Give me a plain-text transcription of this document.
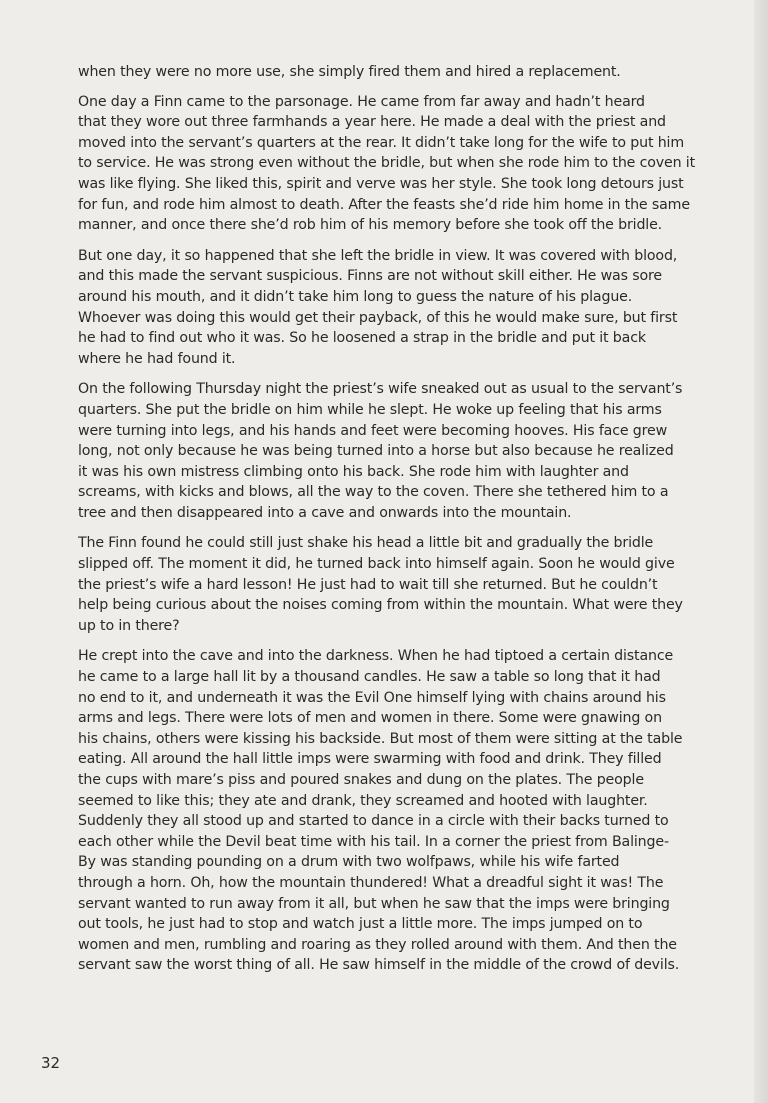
when they were no more use, she simply fired them and hired a replacement.

One day a Finn came to the parsonage. He came from far away and hadn’t heard
that they wore out three farmhands a year here. He made a deal with the priest and
moved into the servant’s quarters at the rear. It didn’t take long for the wife to put him
to service. He was strong even without the bridle, but when she rode him to the coven it
was like flying. She liked this, spirit and verve was her style. She took long detours just
for fun, and rode him almost to death. After the feasts she’d ride him home in the same
manner, and once there she’d rob him of his memory before she took off the bridle.

But one day, it so happened that she left the bridle in view. It was covered with blood,
and this made the servant suspicious. Finns are not without skill either. He was sore
around his mouth, and it didn’t take him long to guess the nature of his plague.
Whoever was doing this would get their payback, of this he would make sure, but first
he had to find out who it was. So he loosened a strap in the bridle and put it back
where he had found it.

On the following Thursday night the priest’s wife sneaked out as usual to the servant’s
quarters. She put the bridle on him while he slept. He woke up feeling that his arms
were turning into legs, and his hands and feet were becoming hooves. His face grew
long, not only because he was being turned into a horse but also because he realized
it was his own mistress climbing onto his back. She rode him with laughter and
screams, with kicks and blows, all the way to the coven. There she tethered him to a
tree and then disappeared into a cave and onwards into the mountain.

The Finn found he could still just shake his head a little bit and gradually the bridle
slipped off. The moment it did, he turned back into himself again. Soon he would give
the priest’s wife a hard lesson! He just had to wait till she returned. But he couldn’t
help being curious about the noises coming from within the mountain. What were they
up to in there?

He crept into the cave and into the darkness. When he had tiptoed a certain distance
he came to a large hall lit by a thousand candles. He saw a table so long that it had
no end to it, and underneath it was the Evil One himself lying with chains around his
arms and legs. There were lots of men and women in there. Some were gnawing on
his chains, others were kissing his backside. But most of them were sitting at the table
eating. All around the hall little imps were swarming with food and drink. They filled
the cups with mare’s piss and poured snakes and dung on the plates. The people
seemed to like this; they ate and drank, they screamed and hooted with laughter.
Suddenly they all stood up and started to dance in a circle with their backs turned to
each other while the Devil beat time with his tail. In a corner the priest from Balinge-
By was standing pounding on a drum with two wolfpaws, while his wife farted
through a horn. Oh, how the mountain thundered! What a dreadful sight it was! The
servant wanted to run away from it all, but when he saw that the imps were bringing
out tools, he just had to stop and watch just a little more. The imps jumped on to
women and men, rumbling and roaring as they rolled around with them. And then the
servant saw the worst thing of all. He saw himself in the middle of the crowd of devils.

32
